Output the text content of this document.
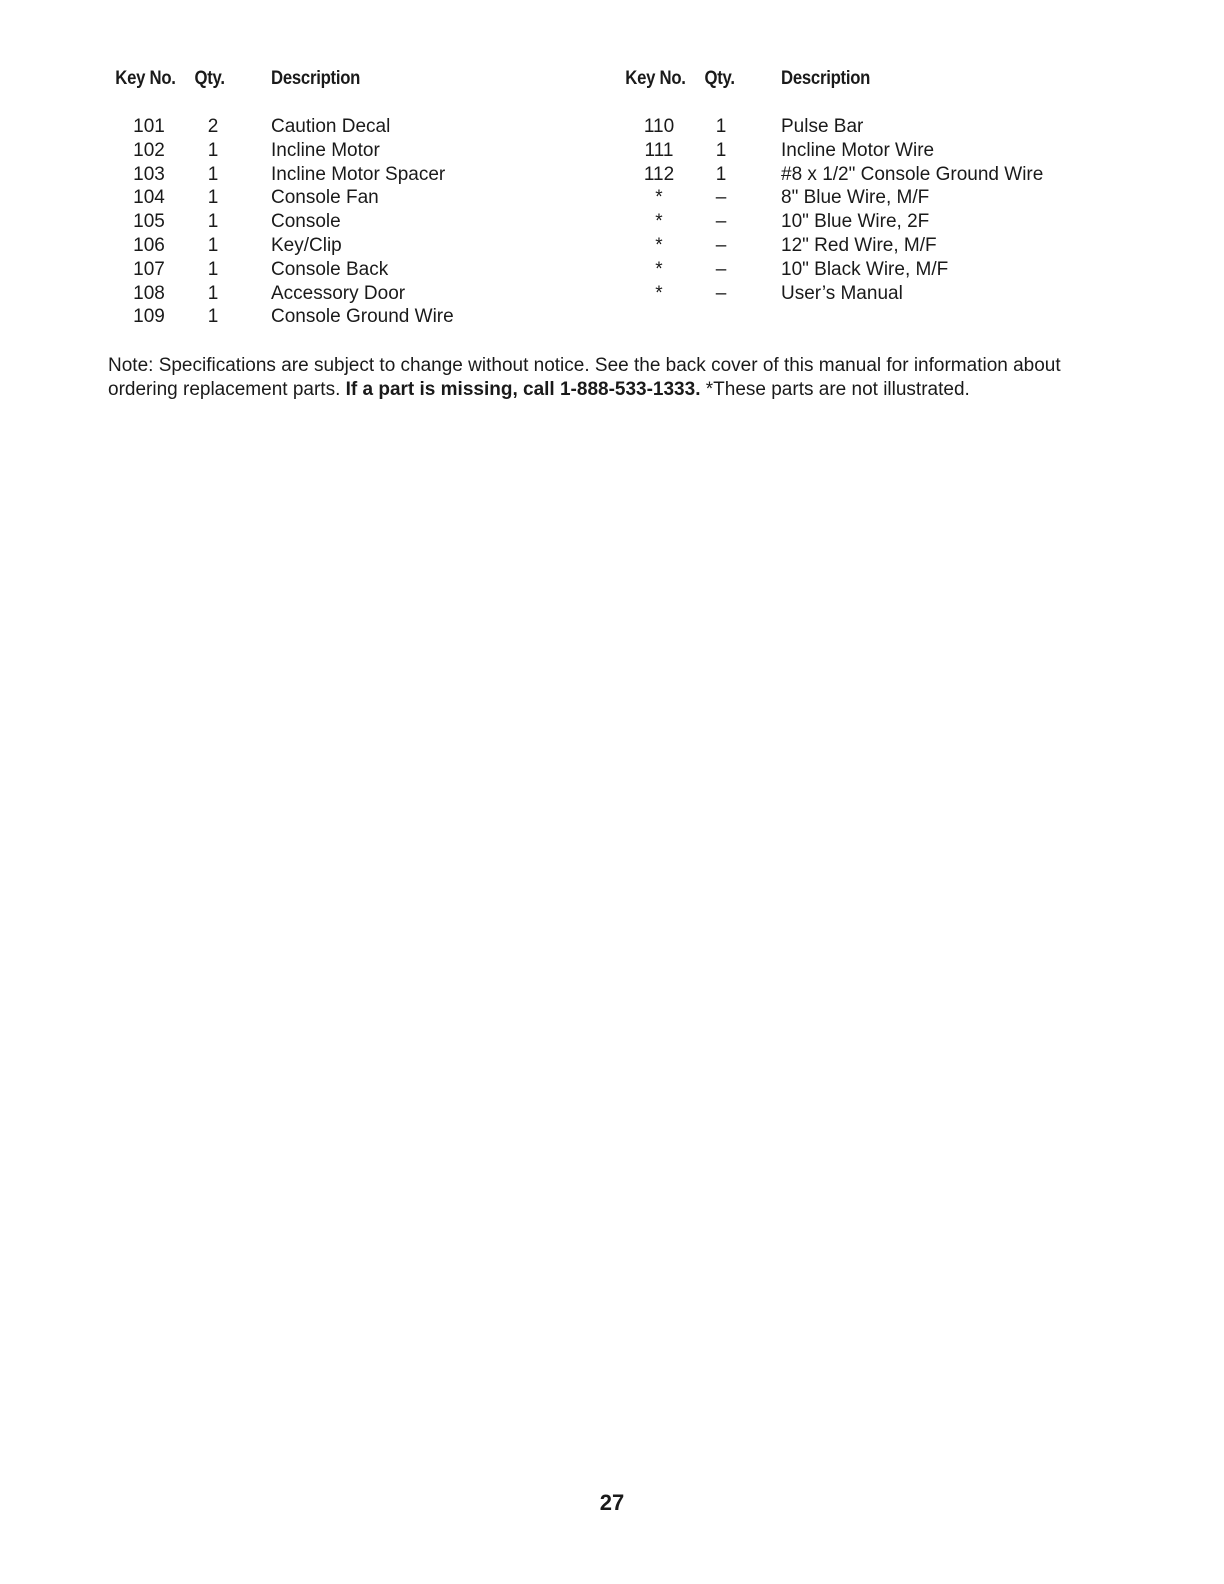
Key No. Qty. Description
101	2	Caution Decal
102	1	Incline Motor
103	1	Incline Motor Spacer
104	1	Console Fan
105	1	Console
106	1	Key/Clip
107	1	Console Back
108	1	Accessory Door
109	1	Console Ground Wire
Key No. Qty. Description
110	1	Pulse Bar
111	1	Incline Motor Wire
112	1	#8 x 1/2" Console Ground Wire
*	–	8" Blue Wire, M/F
*	–	10" Blue Wire, 2F
*	–	12" Red Wire, M/F
*	–	10" Black Wire, M/F
*	–	User’s Manual
Note: Specifications are subject to change without notice. See the back cover of this manual for information about ordering replacement parts. If a part is missing, call 1-888-533-1333. *These parts are not illustrated.
27
